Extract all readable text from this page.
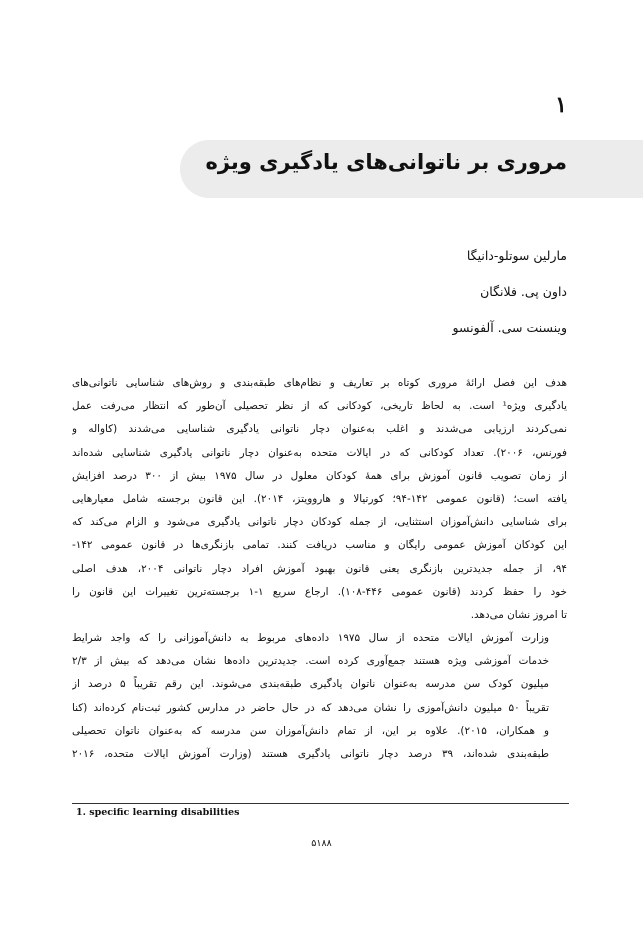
۱
مروری بر ناتوانی‌های یادگیری ویژه
مارلین سوتلو-دانیگا
داون پی. فلانگان
وینسنت سی. آلفونسو
هدف این فصل ارائهٔ مروری کوتاه بر تعاریف و نظام‌های طبقه‌بندی و روش‌های شناسایی ناتوانی‌های
یادگیری ویژه¹ است. به لحاظ تاریخی، کودکانی که از نظر تحصیلی آن‌طور که انتظار می‌رفت عمل
نمی‌کردند ارزیابی می‌شدند و اغلب به‌عنوان دچار ناتوانی یادگیری شناسایی می‌شدند (کاواله و
فورنس، ۲۰۰۶). تعداد کودکانی که در ایالات متحده به‌عنوان دچار ناتوانی یادگیری شناسایی شده‌اند
از زمان تصویب قانون آموزش برای همهٔ کودکان معلول در سال ۱۹۷۵ بیش از ۳۰۰ درصد افزایش
یافته است؛ (قانون عمومی ۱۴۲-۹۴؛ کورتیالا و هاروویتز، ۲۰۱۴). این قانون برجسته شامل معیارهایی
برای شناسایی دانش‌آموزان استثنایی، از جمله کودکان دچار ناتوانی یادگیری می‌شود و الزام می‌کند که
این کودکان آموزش عمومی رایگان و مناسب دریافت کنند. تمامی بازنگری‌ها در قانون عمومی ۱۴۲-
۹۴، از جمله جدیدترین بازنگری یعنی قانون بهبود آموزش افراد دچار ناتوانی ۲۰۰۴، هدف اصلی
خود را حفظ کردند (قانون عمومی ۴۴۶-۱۰۸). ارجاع سریع ۱-۱ برجسته‌ترین تغییرات این قانون را
تا امروز نشان می‌دهد.
وزارت آموزش ایالات متحده از سال ۱۹۷۵ داده‌های مربوط به دانش‌آموزانی را که واجد شرایط
خدمات آموزشی ویژه هستند جمع‌آوری کرده است. جدیدترین داده‌ها نشان می‌دهد که بیش از ۲/۳
میلیون کودک سن مدرسه به‌عنوان ناتوان یادگیری طبقه‌بندی می‌شوند. این رقم تقریباً ۵ درصد از
تقریباً ۵۰ میلیون دانش‌آموزی را نشان می‌دهد که در حال حاضر در مدارس کشور ثبت‌نام کرده‌اند (کنا
و همکاران، ۲۰۱۵). علاوه بر این، از تمام دانش‌آموزان سن مدرسه که به‌عنوان ناتوان تحصیلی
طبقه‌بندی شده‌اند، ۳۹ درصد دچار ناتوانی یادگیری هستند (وزارت آموزش ایالات متحده، ۲۰۱۶
1. specific learning disabilities
۵۱۸۸
